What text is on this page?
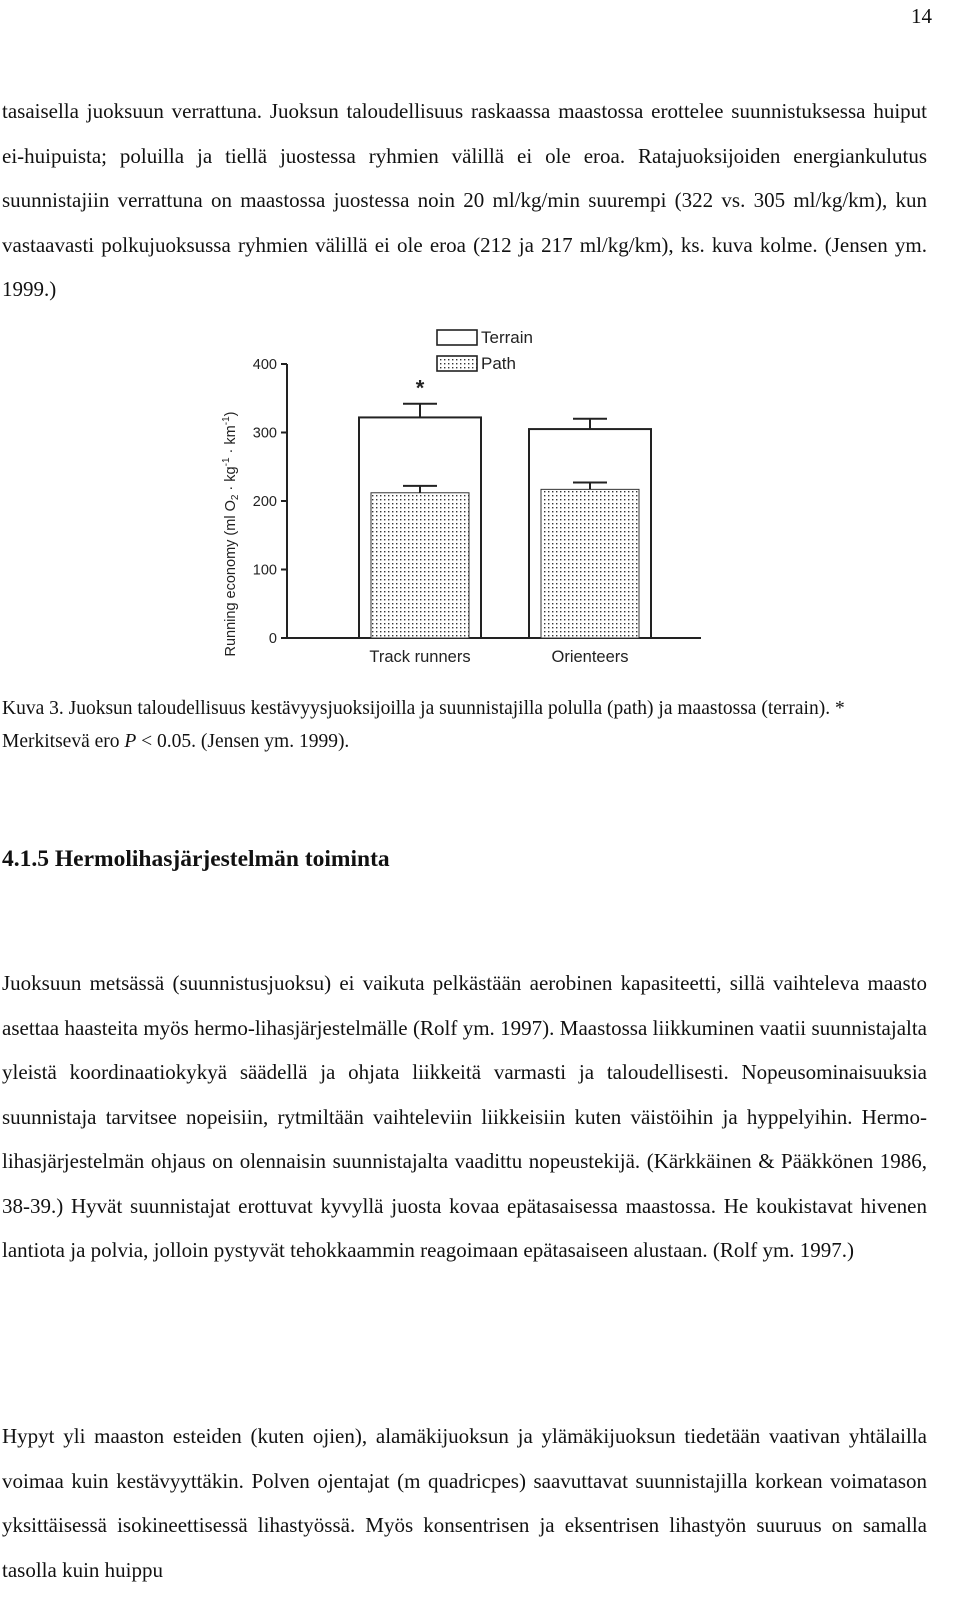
14

tasaisella juoksuun verrattuna. Juoksun taloudellisuus raskaassa maastossa erottelee suunnistuksessa huiput ei-huipuista; poluilla ja tiellä juostessa ryhmien välillä ei ole eroa. Ratajuoksijoiden energiankulutus suunnistajiin verrattuna on maastossa juostessa noin 20 ml/kg/min suurempi (322 vs. 305 ml/kg/km), kun vastaavasti polkujuoksussa ryhmien välillä ei ole eroa (212 ja 217 ml/kg/km), ks. kuva kolme. (Jensen ym. 1999.)

Terrain
Path
Running economy (ml $O_2 \cdot kg^{-1} \cdot km^{-1}$)
0
100
200
300
400
Track runners	Orienteers
*
Kuva 3. Juoksun taloudellisuus kestävyysjuoksijoilla ja suunnistajilla polulla (path) ja maastossa (terrain). * Merkitsevä ero P < 0.05. (Jensen ym. 1999).
4.1.5 Hermolihasjärjestelmän toiminta

Juoksuun metsässä (suunnistusjuoksu) ei vaikuta pelkästään aerobinen kapasiteetti, sillä vaihteleva maasto asettaa haasteita myös hermo-lihasjärjestelmälle (Rolf ym. 1997). Maastossa liikkuminen vaatii suunnistajalta yleistä koordinaatiokykyä säädellä ja ohjata liikkeitä varmasti ja taloudellisesti. Nopeusominaisuuksia suunnistaja tarvitsee nopeisiin, rytmiltään vaihteleviin liikkeisiin kuten väistöihin ja hyppelyihin. Hermo-lihasjärjestelmän ohjaus on olennaisin suunnistajalta vaadittu nopeustekijä. (Kärkkäinen & Pääkkönen 1986, 38-39.) Hyvät suunnistajat erottuvat kyvyllä juosta kovaa epätasaisessa maastossa. He koukistavat hivenen lantiota ja polvia, jolloin pystyvät tehokkaammin reagoimaan epätasaiseen alustaan. (Rolf ym. 1997.)

Hypyt yli maaston esteiden (kuten ojien), alamäkijuoksun ja ylämäkijuoksun tiedetään vaativan yhtälailla voimaa kuin kestävyyttäkin. Polven ojentajat (m quadricpes) saavuttavat suunnistajilla korkean voimatason yksittäisessä isokineettisessä lihastyössä. Myös konsentrisen ja eksentrisen lihastyön suuruus on samalla tasolla kuin huippu
